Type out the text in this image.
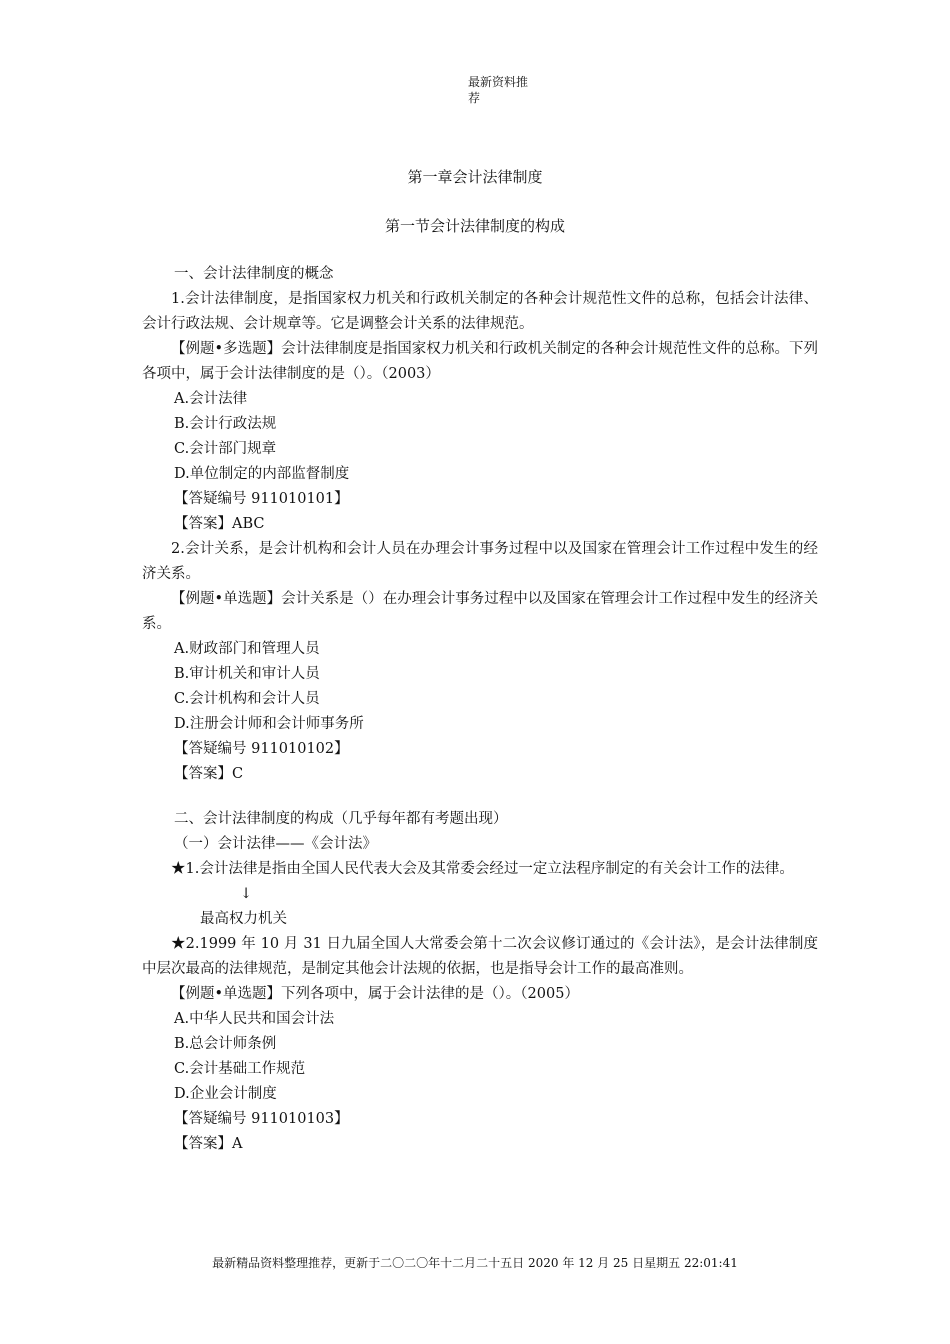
最新资料推荐
第一章会计法律制度
第一节会计法律制度的构成

一、会计法律制度的概念

1.会计法律制度，是指国家权力机关和行政机关制定的各种会计规范性文件的总称，包括会计法律、会计行政法规、会计规章等。它是调整会计关系的法律规范。

【例题•多选题】会计法律制度是指国家权力机关和行政机关制定的各种会计规范性文件的总称。下列各项中，属于会计法律制度的是（）。（2003）

A.会计法律

B.会计行政法规

C.会计部门规章

D.单位制定的内部监督制度

【答疑编号 911010101】

【答案】ABC

2.会计关系，是会计机构和会计人员在办理会计事务过程中以及国家在管理会计工作过程中发生的经济关系。

【例题•单选题】会计关系是（）在办理会计事务过程中以及国家在管理会计工作过程中发生的经济关系。

A.财政部门和管理人员

B.审计机关和审计人员

C.会计机构和会计人员

D.注册会计师和会计师事务所

【答疑编号 911010102】

【答案】C

二、会计法律制度的构成（几乎每年都有考题出现）

（一）会计法律——《会计法》

★1.会计法律是指由全国人民代表大会及其常委会经过一定立法程序制定的有关会计工作的法律。

↓

最高权力机关

★2.1999 年 10 月 31 日九届全国人大常委会第十二次会议修订通过的《会计法》，是会计法律制度中层次最高的法律规范，是制定其他会计法规的依据，也是指导会计工作的最高准则。

【例题•单选题】下列各项中，属于会计法律的是（）。（2005）

A.中华人民共和国会计法

B.总会计师条例

C.会计基础工作规范

D.企业会计制度

【答疑编号 911010103】

【答案】A

最新精品资料整理推荐，更新于二〇二〇年十二月二十五日 2020 年 12 月 25 日星期五 22:01:41
